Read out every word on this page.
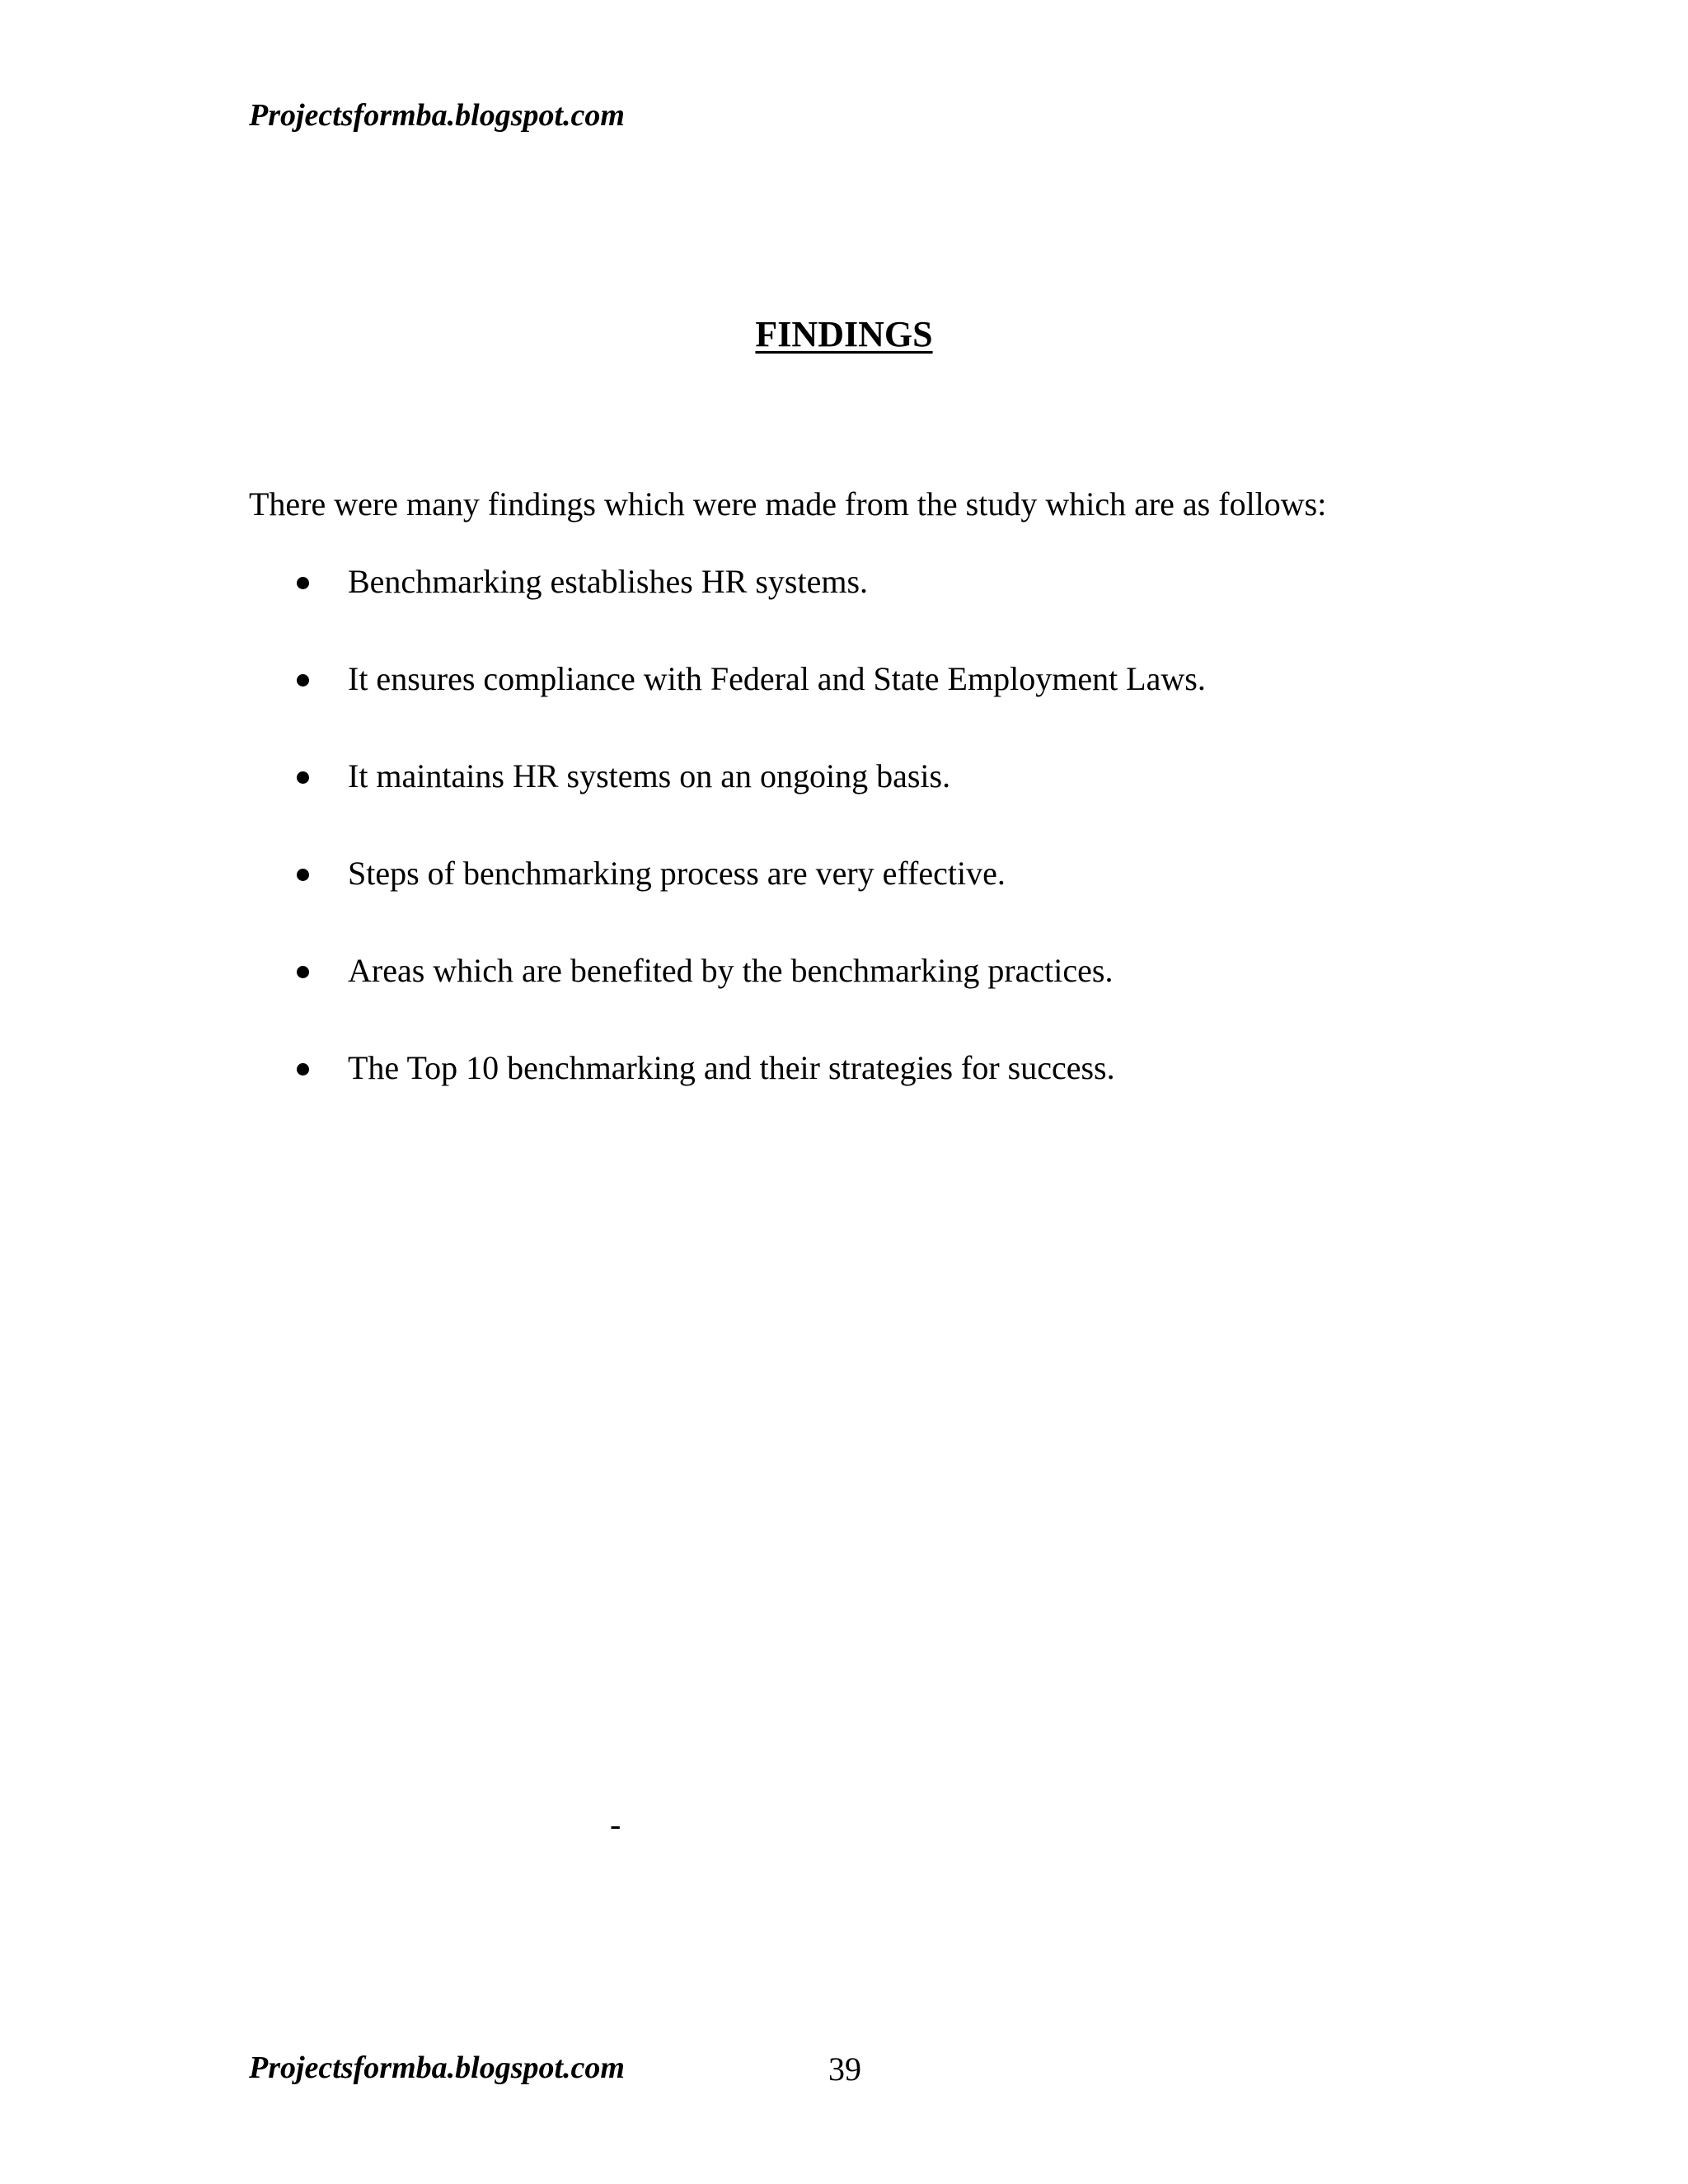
Projectsformba.blogspot.com
FINDINGS
There were many findings which were made from the study which are as follows:
Benchmarking establishes HR systems.
It ensures compliance with Federal and State Employment Laws.
It maintains HR systems on an ongoing basis.
Steps of benchmarking process are very effective.
Areas which are benefited by the benchmarking practices.
The Top 10 benchmarking and their strategies for success.
-
Projectsformba.blogspot.com	39
